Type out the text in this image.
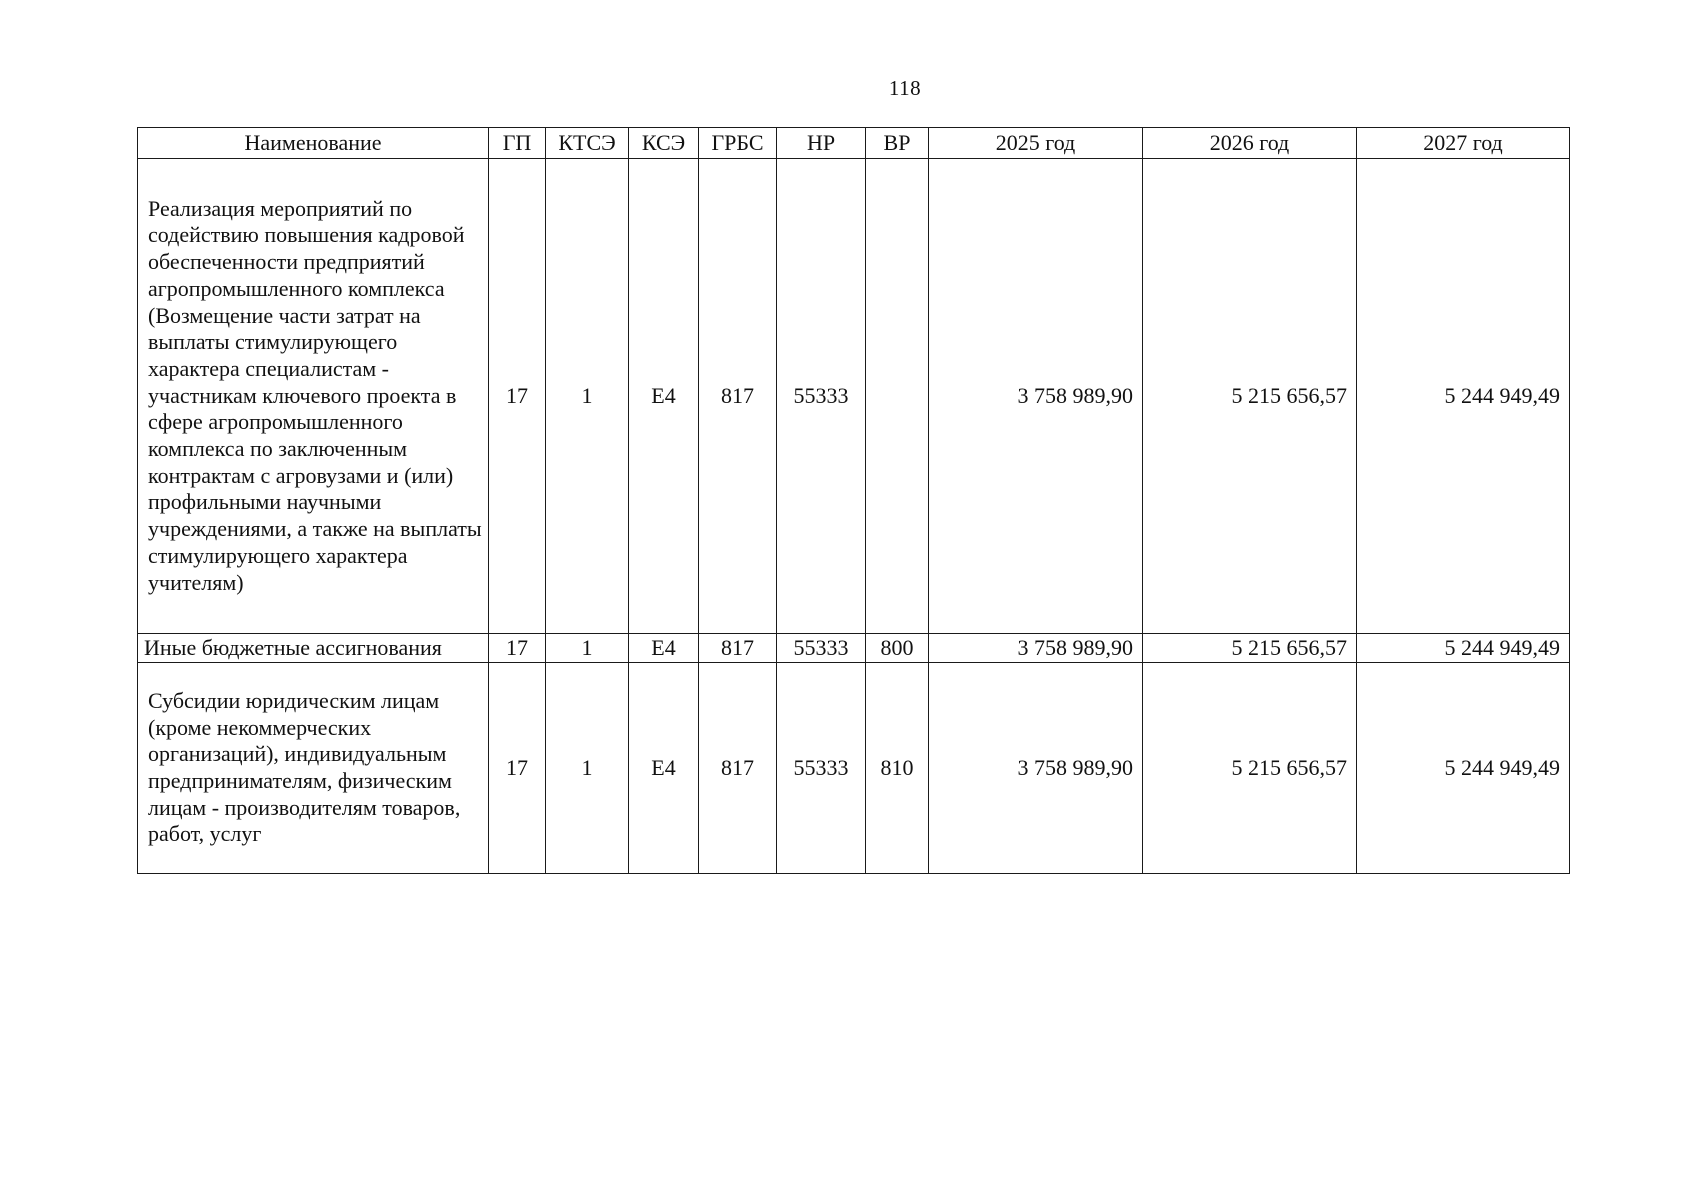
118
Наименование	ГП	КТСЭ	КСЭ	ГРБС	НР	ВР	2025 год	2026 год	2027 год
Реализация мероприятий по содействию повышения кадровой обеспеченности предприятий агропромышленного комплекса (Возмещение части затрат на выплаты стимулирующего характера специалистам - участникам ключевого проекта в сфере агропромышленного комплекса по заключенным контрактам с агровузами и (или) профильными научными учреждениями, а также на выплаты стимулирующего характера учителям)	17	1	Е4	817	55333		3 758 989,90	5 215 656,57	5 244 949,49
Иные бюджетные ассигнования	17	1	Е4	817	55333	800	3 758 989,90	5 215 656,57	5 244 949,49
Субсидии юридическим лицам (кроме некоммерческих организаций), индивидуальным предпринимателям, физическим лицам - производителям товаров, работ, услуг	17	1	Е4	817	55333	810	3 758 989,90	5 215 656,57	5 244 949,49
